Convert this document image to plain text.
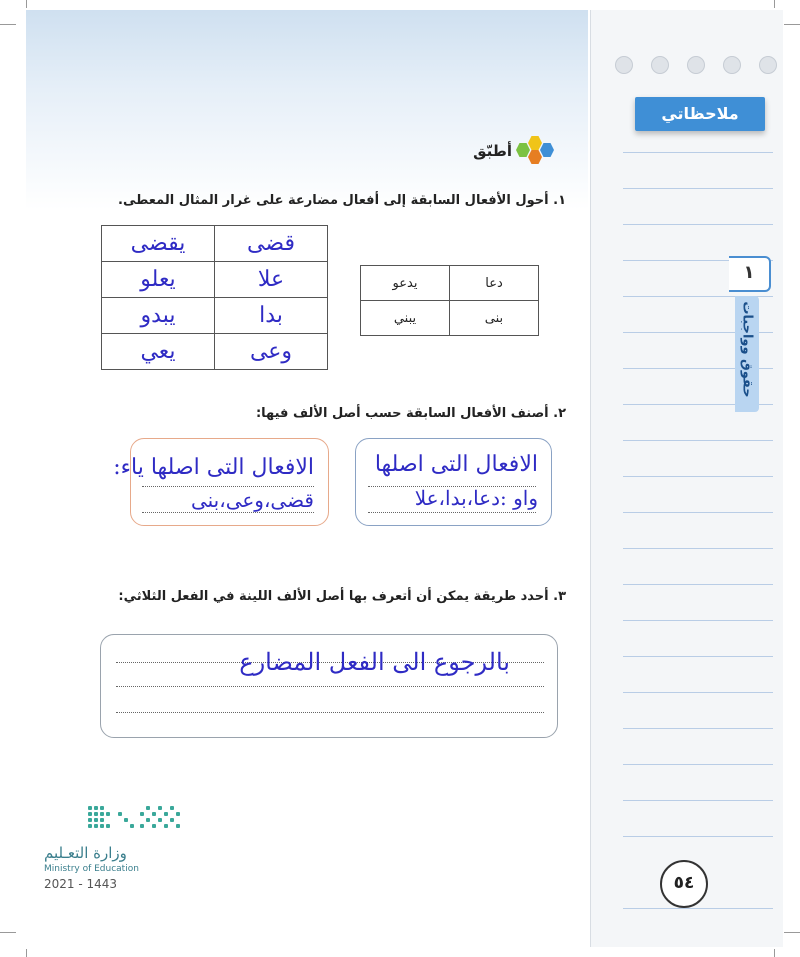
ملاحظاتي
١
حقوق وواجبات
٥٤
أطبّق
١. أحول الأفعال السابقة إلى أفعال مضارعة على غرار المثال المعطى.
قضى	يقضى
علا	يعلو
بدا	يبدو
وعى	يعي
دعا	يدعو
بنى	يبني
٢. أصنف الأفعال السابقة حسب أصل الألف فيها:
الافعال التى اصلها
واو :دعا،بدا،علا
الافعال التى اصلها ياء:
قضى،وعى،بنى
٣. أحدد طريقة يمكن أن أتعرف بها أصل الألف اللينة في الفعل الثلاثي:
بالرجوع الى الفعل المضارع
وزارة التعـليم
Ministry of Education
2021 - 1443
